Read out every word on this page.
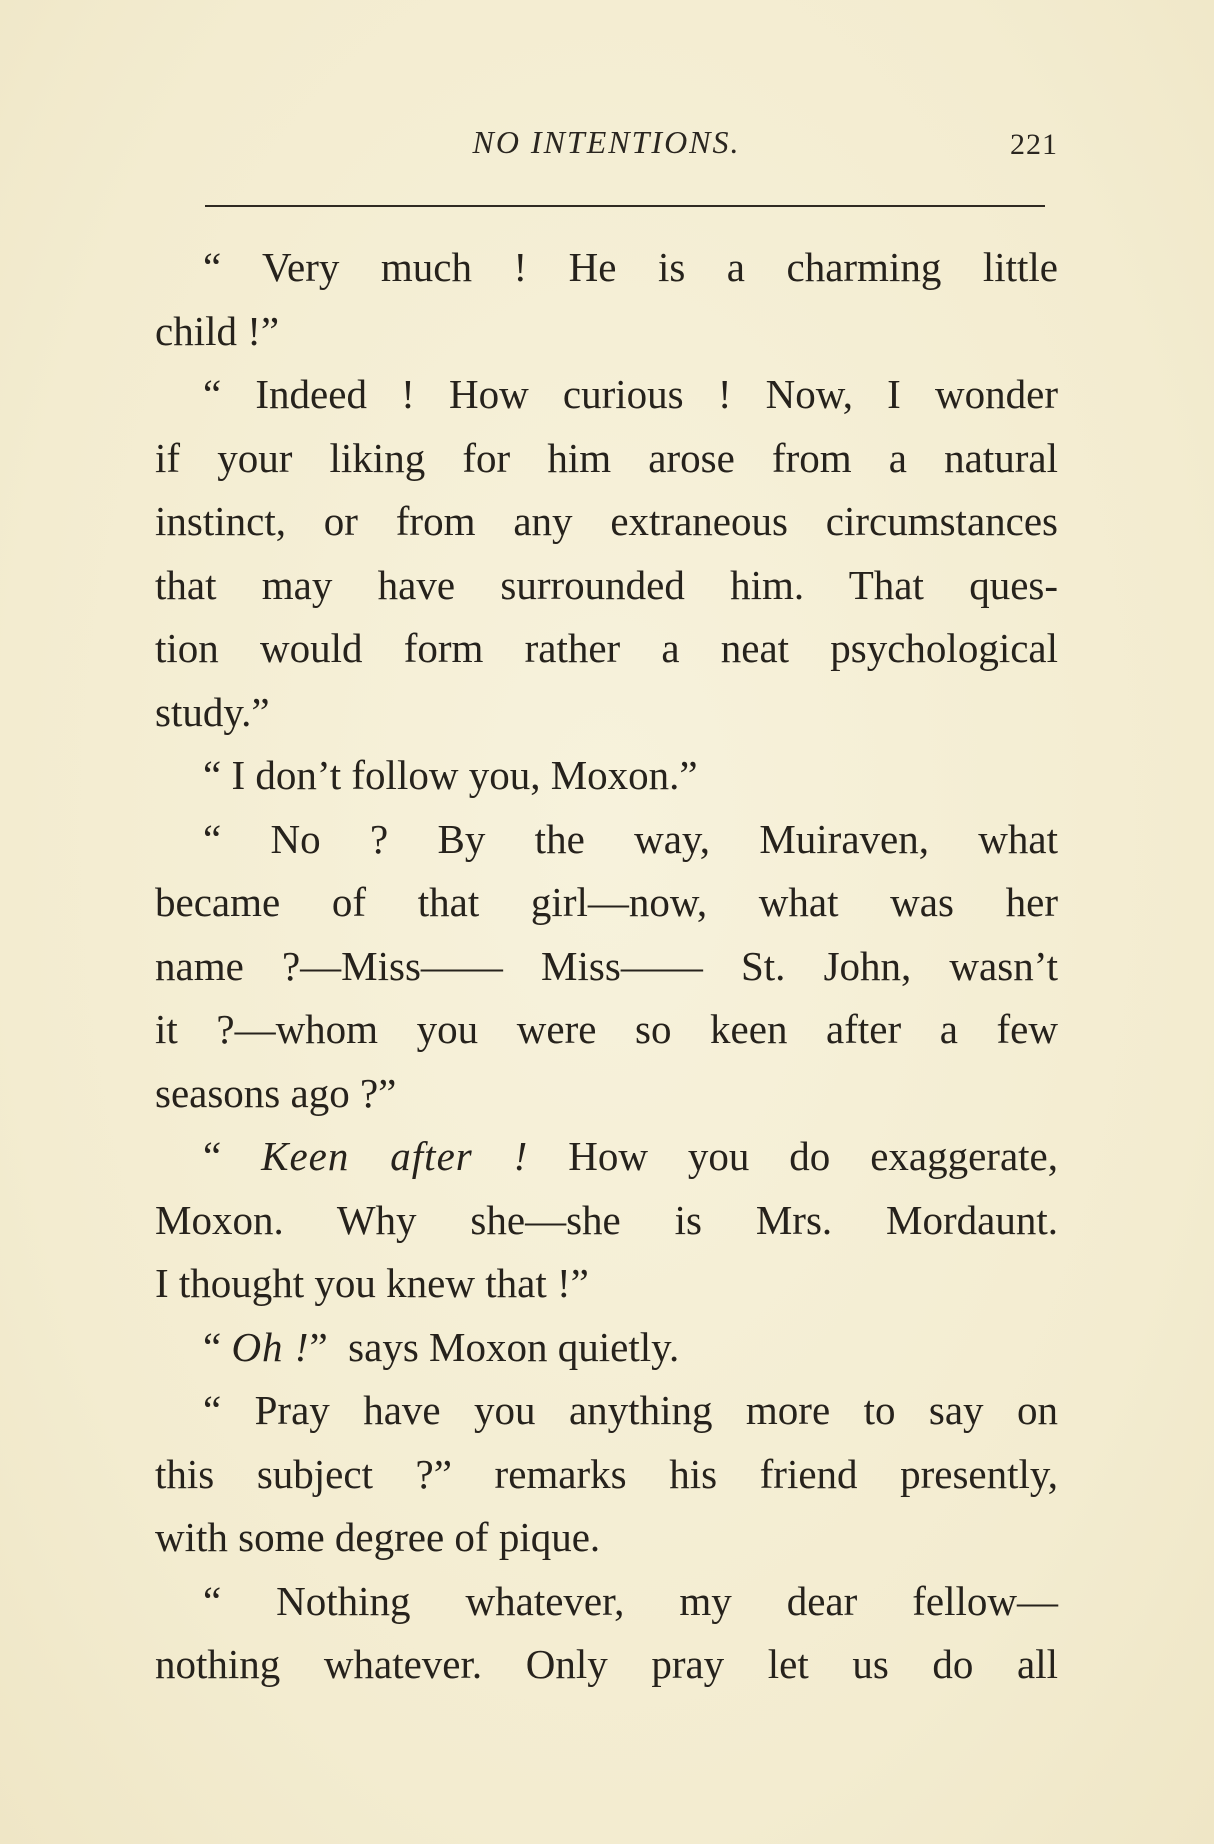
NO INTENTIONS.	221
“ Very much ! He is a charming little
child !”
“ Indeed ! How curious ! Now, I wonder
if your liking for him arose from a natural
instinct, or from any extraneous circumstances
that may have surrounded him. That ques-
tion would form rather a neat psychological
study.”
“ I don’t follow you, Moxon.”
“ No ? By the way, Muiraven, what
became of that girl—now, what was her
name ?—Miss—— Miss—— St. John, wasn’t
it ?—whom you were so keen after a few
seasons ago ?”
“ Keen after ! How you do exaggerate,
Moxon. Why she—she is Mrs. Mordaunt.
I thought you knew that !”
“ Oh !” says Moxon quietly.
“ Pray have you anything more to say on
this subject ?” remarks his friend presently,
with some degree of pique.
“ Nothing whatever, my dear fellow—
nothing whatever. Only pray let us do all
